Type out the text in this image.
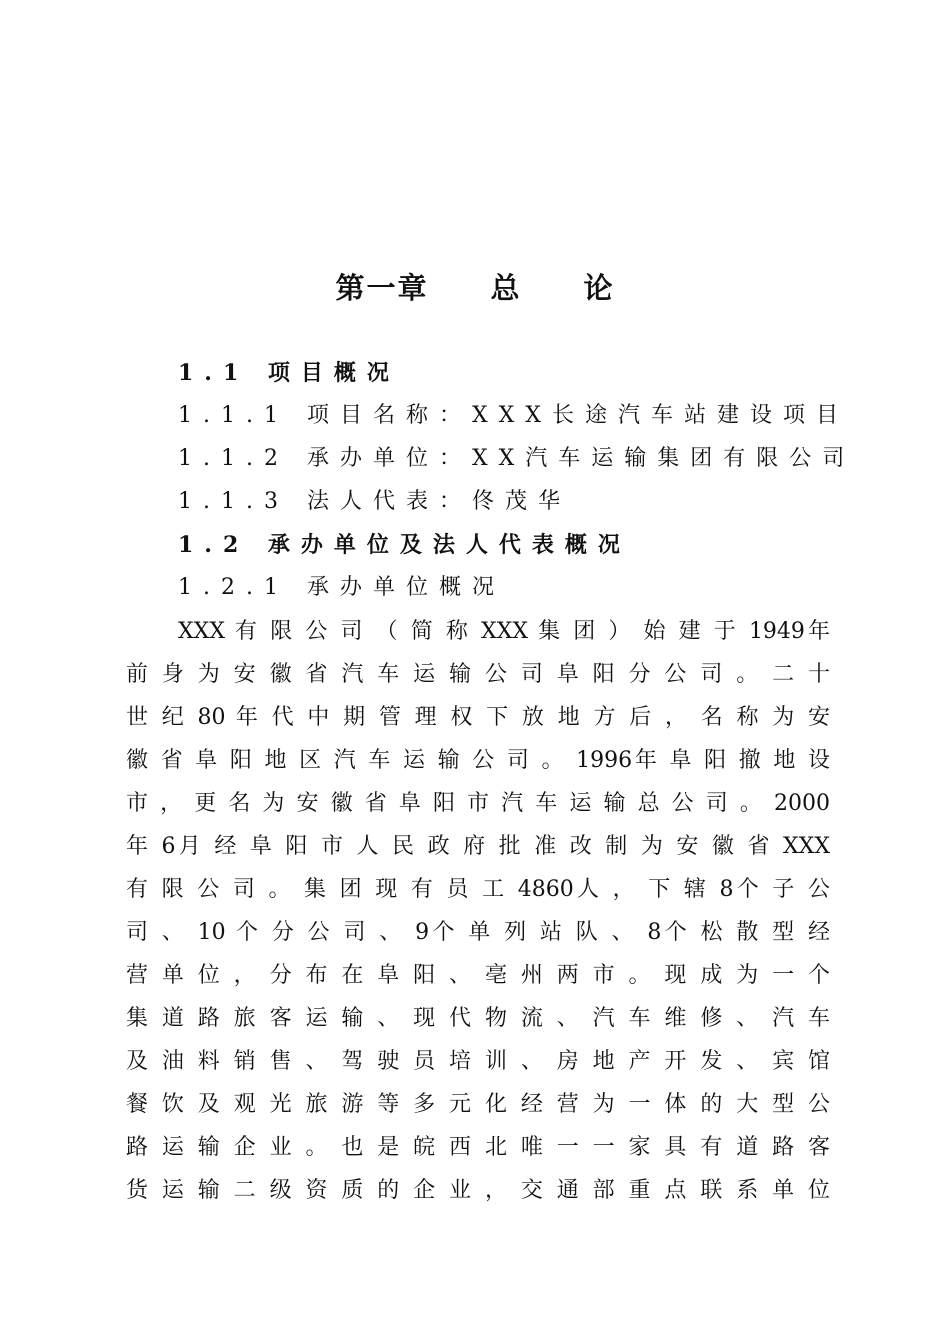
第一章　　总　　论
1.1 项目概况
1.1.1 项目名称：XXX长途汽车站建设项目
1.1.2 承办单位：XX汽车运输集团有限公司
1.1.3 法人代表：佟茂华
1.2 承办单位及法人代表概况
1.2.1 承办单位概况
XXX 有 限 公 司 （ 简 称 XXX 集 团 ） 始 建 于 1949年
前 身 为 安 徽 省 汽 车 运 输 公 司 阜 阳 分 公 司 。 二 十
世 纪 80 年 代 中 期 管 理 权 下 放 地 方 后 ， 名 称 为 安
徽 省 阜 阳 地 区 汽 车 运 输 公 司 。 1996年 阜 阳 撤 地 设
市 ， 更 名 为 安 徽 省 阜 阳 市 汽 车 运 输 总 公 司 。 2000
年 6月 经 阜 阳 市 人 民 政 府 批 准 改 制 为 安 徽 省 XXX
有 限 公 司 。 集 团 现 有 员 工 4860人 ， 下 辖 8个 子 公
司 、 10 个 分 公 司 、 9个 单 列 站 队 、 8个 松 散 型 经
营 单 位 ， 分 布 在 阜 阳 、 亳 州 两 市 。 现 成 为 一 个
集 道 路 旅 客 运 输 、 现 代 物 流 、 汽 车 维 修 、 汽 车
及 油 料 销 售 、 驾 驶 员 培 训 、 房 地 产 开 发 、 宾 馆
餐 饮 及 观 光 旅 游 等 多 元 化 经 营 为 一 体 的 大 型 公
路 运 输 企 业 。 也 是 皖 西 北 唯 一 一 家 具 有 道 路 客
货 运 输 二 级 资 质 的 企 业 ， 交 通 部 重 点 联 系 单 位
